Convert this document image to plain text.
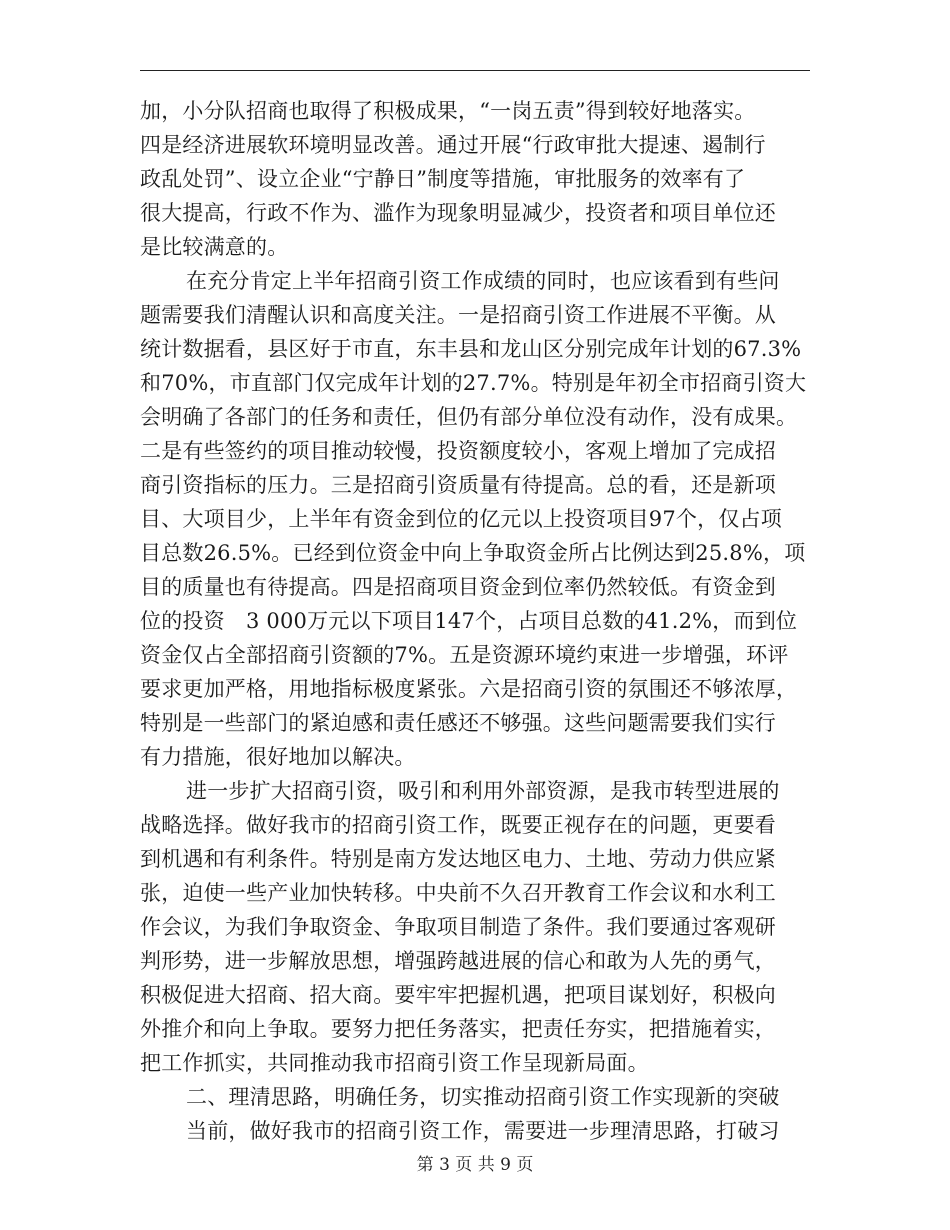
加，小分队招商也取得了积极成果，“一岗五责”得到较好地落实。
四是经济进展软环境明显改善。通过开展“行政审批大提速、遏制行
政乱处罚”、设立企业“宁静日”制度等措施，审批服务的效率有了
很大提高，行政不作为、滥作为现象明显减少，投资者和项目单位还
是比较满意的。
在充分肯定上半年招商引资工作成绩的同时，也应该看到有些问
题需要我们清醒认识和高度关注。一是招商引资工作进展不平衡。从
统计数据看，县区好于市直，东丰县和龙山区分别完成年计划的67.3%
和70%，市直部门仅完成年计划的27.7%。特别是年初全市招商引资大
会明确了各部门的任务和责任，但仍有部分单位没有动作，没有成果。
二是有些签约的项目推动较慢，投资额度较小，客观上增加了完成招
商引资指标的压力。三是招商引资质量有待提高。总的看，还是新项
目、大项目少，上半年有资金到位的亿元以上投资项目97个，仅占项
目总数26.5%。已经到位资金中向上争取资金所占比例达到25.8%，项
目的质量也有待提高。四是招商项目资金到位率仍然较低。有资金到
位的投资　3 000万元以下项目147个，占项目总数的41.2%，而到位
资金仅占全部招商引资额的7%。五是资源环境约束进一步增强，环评
要求更加严格，用地指标极度紧张。六是招商引资的氛围还不够浓厚，
特别是一些部门的紧迫感和责任感还不够强。这些问题需要我们实行
有力措施，很好地加以解决。
进一步扩大招商引资，吸引和利用外部资源，是我市转型进展的
战略选择。做好我市的招商引资工作，既要正视存在的问题，更要看
到机遇和有利条件。特别是南方发达地区电力、土地、劳动力供应紧
张，迫使一些产业加快转移。中央前不久召开教育工作会议和水利工
作会议，为我们争取资金、争取项目制造了条件。我们要通过客观研
判形势，进一步解放思想，增强跨越进展的信心和敢为人先的勇气，
积极促进大招商、招大商。要牢牢把握机遇，把项目谋划好，积极向
外推介和向上争取。要努力把任务落实，把责任夯实，把措施着实，
把工作抓实，共同推动我市招商引资工作呈现新局面。
二、理清思路，明确任务，切实推动招商引资工作实现新的突破
当前，做好我市的招商引资工作，需要进一步理清思路，打破习
第 3 页 共 9 页
